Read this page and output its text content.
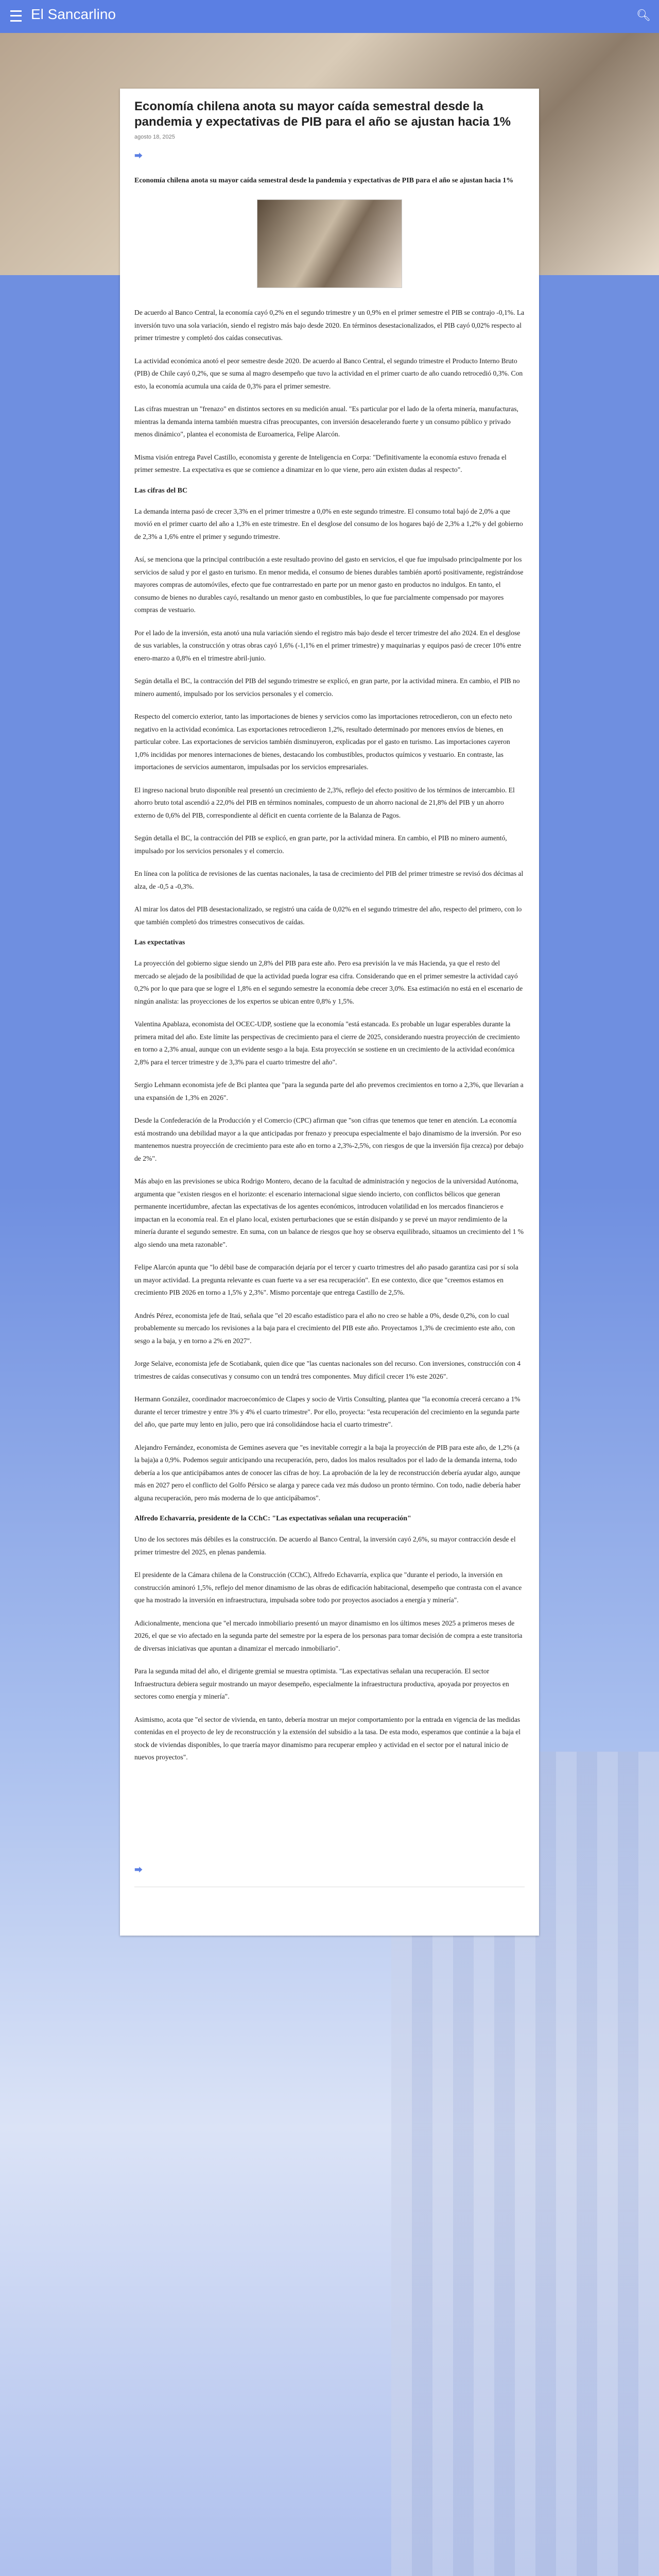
El Sancarlino	🔍︎
Economía chilena anota su mayor caída semestral desde la pandemia y expectativas de PIB para el año se ajustan hacia 1%
agosto 18, 2025
⮕

Economía chilena anota su mayor caída semestral desde la pandemia y expectativas de PIB para el año se ajustan hacia 1%

De acuerdo al Banco Central, la economía cayó 0,2% en el segundo trimestre y un 0,9% en el primer semestre el PIB se contrajo -0,1%. La inversión tuvo una sola variación, siendo el registro más bajo desde 2020. En términos desestacionalizados, el PIB cayó 0,02% respecto al primer trimestre y completó dos caídas consecutivas.

La actividad económica anotó el peor semestre desde 2020. De acuerdo al Banco Central, el segundo trimestre el Producto Interno Bruto (PIB) de Chile cayó 0,2%, que se suma al magro desempeño que tuvo la actividad en el primer cuarto de año cuando retrocedió 0,3%. Con esto, la economía acumula una caída de 0,3% para el primer semestre.

Las cifras muestran un "frenazo" en distintos sectores en su medición anual. "Es particular por el lado de la oferta minería, manufacturas, mientras la demanda interna también muestra cifras preocupantes, con inversión desacelerando fuerte y un consumo público y privado menos dinámico", plantea el economista de Euroamerica, Felipe Alarcón.

Misma visión entrega Pavel Castillo, economista y gerente de Inteligencia en Corpa: "Definitivamente la economía estuvo frenada el primer semestre. La expectativa es que se comience a dinamizar en lo que viene, pero aún existen dudas al respecto".

Las cifras del BC

La demanda interna pasó de crecer 3,3% en el primer trimestre a 0,0% en este segundo trimestre. El consumo total bajó de 2,0% a que movió en el primer cuarto del año a 1,3% en este trimestre. En el desglose del consumo de los hogares bajó de 2,3% a 1,2% y del gobierno de 2,3% a 1,6% entre el primer y segundo trimestre.

Así, se menciona que la principal contribución a este resultado provino del gasto en servicios, el que fue impulsado principalmente por los servicios de salud y por el gasto en turismo. En menor medida, el consumo de bienes durables también aportó positivamente, registrándose mayores compras de automóviles, efecto que fue contrarrestado en parte por un menor gasto en productos no indulgos. En tanto, el consumo de bienes no durables cayó, resaltando un menor gasto en combustibles, lo que fue parcialmente compensado por mayores compras de vestuario.

Por el lado de la inversión, esta anotó una nula variación siendo el registro más bajo desde el tercer trimestre del año 2024. En el desglose de sus variables, la construcción y otras obras cayó 1,6% (-1,1% en el primer trimestre) y maquinarias y equipos pasó de crecer 10% entre enero-marzo a 0,8% en el trimestre abril-junio.

Según detalla el BC, la contracción del PIB del segundo trimestre se explicó, en gran parte, por la actividad minera. En cambio, el PIB no minero aumentó, impulsado por los servicios personales y el comercio.

Respecto del comercio exterior, tanto las importaciones de bienes y servicios como las importaciones retrocedieron, con un efecto neto negativo en la actividad económica. Las exportaciones retrocedieron 1,2%, resultado determinado por menores envíos de bienes, en particular cobre. Las exportaciones de servicios también disminuyeron, explicadas por el gasto en turismo. Las importaciones cayeron 1,0% incididas por menores internaciones de bienes, destacando los combustibles, productos químicos y vestuario. En contraste, las importaciones de servicios aumentaron, impulsadas por los servicios empresariales.

El ingreso nacional bruto disponible real presentó un crecimiento de 2,3%, reflejo del efecto positivo de los términos de intercambio. El ahorro bruto total ascendió a 22,0% del PIB en términos nominales, compuesto de un ahorro nacional de 21,8% del PIB y un ahorro externo de 0,6% del PIB, correspondiente al déficit en cuenta corriente de la Balanza de Pagos.

Según detalla el BC, la contracción del PIB se explicó, en gran parte, por la actividad minera. En cambio, el PIB no minero aumentó, impulsado por los servicios personales y el comercio.

En línea con la política de revisiones de las cuentas nacionales, la tasa de crecimiento del PIB del primer trimestre se revisó dos décimas al alza, de -0,5 a -0,3%.

Al mirar los datos del PIB desestacionalizado, se registró una caída de 0,02% en el segundo trimestre del año, respecto del primero, con lo que también completó dos trimestres consecutivos de caídas.

Las expectativas

La proyección del gobierno sigue siendo un 2,8% del PIB para este año. Pero esa previsión la ve más Hacienda, ya que el resto del mercado se alejado de la posibilidad de que la actividad pueda lograr esa cifra. Considerando que en el primer semestre la actividad cayó 0,2% por lo que para que se logre el 1,8% en el segundo semestre la economía debe crecer 3,0%. Esa estimación no está en el escenario de ningún analista: las proyecciones de los expertos se ubican entre 0,8% y 1,5%.

Valentina Apablaza, economista del OCEC-UDP, sostiene que la economía "está estancada. Es probable un lugar esperables durante la primera mitad del año. Este límite las perspectivas de crecimiento para el cierre de 2025, considerando nuestra proyección de crecimiento en torno a 2,3% anual, aunque con un evidente sesgo a la baja. Esta proyección se sostiene en un crecimiento de la actividad económica 2,8% para el tercer trimestre y de 3,3% para el cuarto trimestre del año".

Sergio Lehmann economista jefe de Bci plantea que "para la segunda parte del año prevemos crecimientos en torno a 2,3%, que llevarían a una expansión de 1,3% en 2026".

Desde la Confederación de la Producción y el Comercio (CPC) afirman que "son cifras que tenemos que tener en atención. La economía está mostrando una debilidad mayor a la que anticipadas por frenazo y preocupa especialmente el bajo dinamismo de la inversión. Por eso mantenemos nuestra proyección de crecimiento para este año en torno a 2,3%-2,5%, con riesgos de que la inversión fija crezca) por debajo de 2%".

Más abajo en las previsiones se ubica Rodrigo Montero, decano de la facultad de administración y negocios de la universidad Autónoma, argumenta que "existen riesgos en el horizonte: el escenario internacional sigue siendo incierto, con conflictos bélicos que generan permanente incertidumbre, afectan las expectativas de los agentes económicos, introducen volatilidad en los mercados financieros e impactan en la economía real. En el plano local, existen perturbaciones que se están disipando y se prevé un mayor rendimiento de la minería durante el segundo semestre. En suma, con un balance de riesgos que hoy se observa equilibrado, situamos un crecimiento del 1 % algo siendo una meta razonable".

Felipe Alarcón apunta que "lo débil base de comparación dejaría por el tercer y cuarto trimestres del año pasado garantiza casi por sí sola un mayor actividad. La pregunta relevante es cuan fuerte va a ser esa recuperación". En ese contexto, dice que "creemos estamos en crecimiento PIB 2026 en torno a 1,5% y 2,3%". Mismo porcentaje que entrega Castillo de 2,5%.

Andrés Pérez, economista jefe de Itaú, señala que "el 20 escaño estadístico para el año no creo se hable a 0%, desde 0,2%, con lo cual probablemente su mercado los revisiones a la baja para el crecimiento del PIB este año. Proyectamos 1,3% de crecimiento este año, con sesgo a la baja, y en torno a 2% en 2027".

Jorge Selaive, economista jefe de Scotiabank, quien dice que "las cuentas nacionales son del recurso. Con inversiones, construcción con 4 trimestres de caídas consecutivas y consumo con un tendrá tres componentes. Muy difícil crecer 1% este 2026".

Hermann González, coordinador macroeconómico de Clapes y socio de Virtis Consulting, plantea que "la economía crecerá cercano a 1% durante el tercer trimestre y entre 3% y 4% el cuarto trimestre". Por ello, proyecta: "esta recuperación del crecimiento en la segunda parte del año, que parte muy lento en julio, pero que irá consolidándose hacia el cuarto trimestre".

Alejandro Fernández, economista de Gemines asevera que "es inevitable corregir a la baja la proyección de PIB para este año, de 1,2% (a la baja)a a 0,9%. Podemos seguir anticipando una recuperación, pero, dados los malos resultados por el lado de la demanda interna, todo debería a los que anticipábamos antes de conocer las cifras de hoy. La aprobación de la ley de reconstrucción debería ayudar algo, aunque más en 2027 pero el conflicto del Golfo Pérsico se alarga y parece cada vez más dudoso un pronto término. Con todo, nadie debería haber alguna recuperación, pero más moderna de lo que anticipábamos".

Alfredo Echavarría, presidente de la CChC: "Las expectativas señalan una recuperación"

Uno de los sectores más débiles es la construcción. De acuerdo al Banco Central, la inversión cayó 2,6%, su mayor contracción desde el primer trimestre del 2025, en plenas pandemia.

El presidente de la Cámara chilena de la Construcción (CChC), Alfredo Echavarría, explica que "durante el periodo, la inversión en construcción aminoró 1,5%, reflejo del menor dinamismo de las obras de edificación habitacional, desempeño que contrasta con el avance que ha mostrado la inversión en infraestructura, impulsada sobre todo por proyectos asociados a energía y minería".

Adicionalmente, menciona que "el mercado inmobiliario presentó un mayor dinamismo en los últimos meses 2025 a primeros meses de 2026, el que se vio afectado en la segunda parte del semestre por la espera de los personas para tomar decisión de compra a este transitoria de diversas iniciativas que apuntan a dinamizar el mercado inmobiliario".

Para la segunda mitad del año, el dirigente gremial se muestra optimista. "Las expectativas señalan una recuperación. El sector Infraestructura debiera seguir mostrando un mayor desempeño, especialmente la infraestructura productiva, apoyada por proyectos en sectores como energía y minería".

Asimismo, acota que "el sector de vivienda, en tanto, debería mostrar un mejor comportamiento por la entrada en vigencia de las medidas contenidas en el proyecto de ley de reconstrucción y la extensión del subsidio a la tasa. De esta modo, esperamos que continúe a la baja el stock de viviendas disponibles, lo que traería mayor dinamismo para recuperar empleo y actividad en el sector por el natural inicio de nuevos proyectos".

⮕
